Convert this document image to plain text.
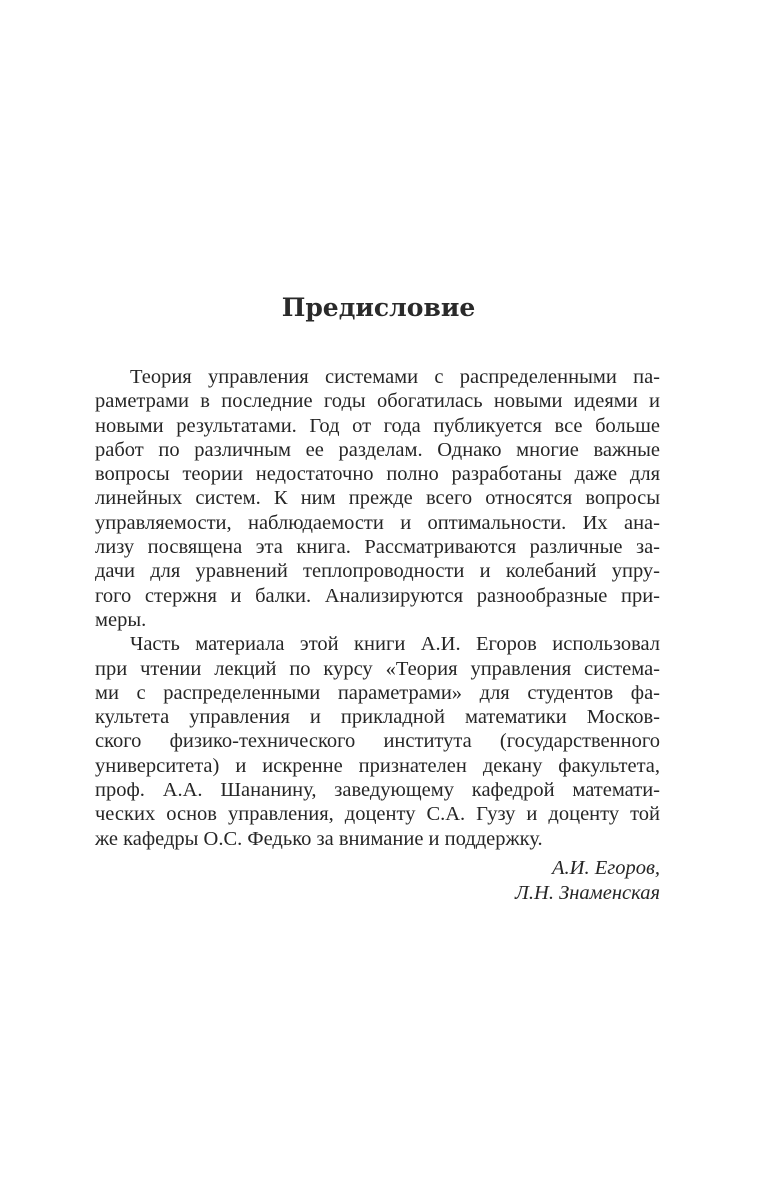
Предисловие
Теория управления системами с распределенными па-
раметрами в последние годы обогатилась новыми идеями и
новыми результатами. Год от года публикуется все больше
работ по различным ее разделам. Однако многие важные
вопросы теории недостаточно полно разработаны даже для
линейных систем. К ним прежде всего относятся вопросы
управляемости, наблюдаемости и оптимальности. Их ана-
лизу посвящена эта книга. Рассматриваются различные за-
дачи для уравнений теплопроводности и колебаний упру-
гого стержня и балки. Анализируются разнообразные при-
меры.
Часть материала этой книги А.И. Егоров использовал
при чтении лекций по курсу «Теория управления система-
ми с распределенными параметрами» для студентов фа-
культета управления и прикладной математики Москов-
ского физико-технического института (государственного
университета) и искренне признателен декану факультета,
проф. А.А. Шананину, заведующему кафедрой математи-
ческих основ управления, доценту С.А. Гузу и доценту той
же кафедры О.С. Федько за внимание и поддержку.
А.И. Егоров,
Л.Н. Знаменская
